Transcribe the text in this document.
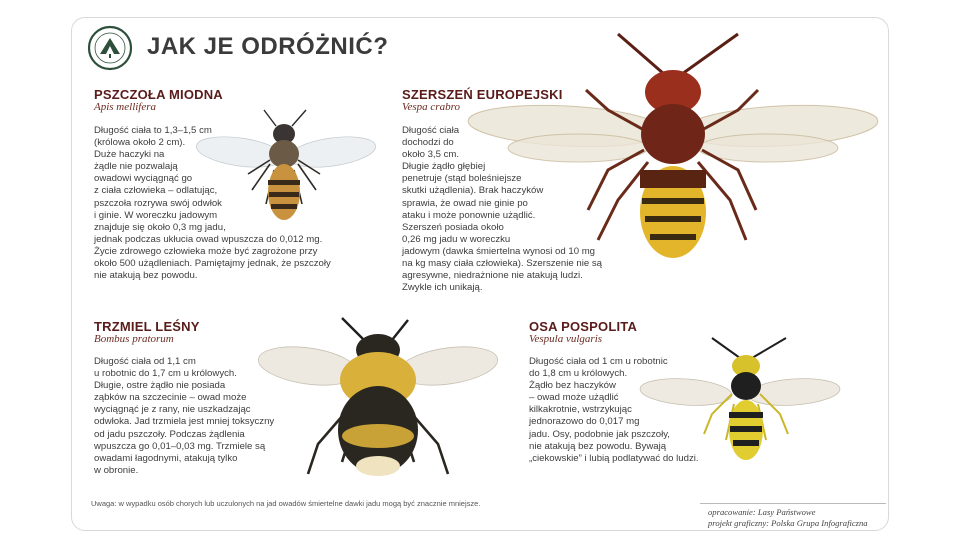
JAK JE ODRÓŻNIĆ?
PSZCZOŁA MIODNA
Apis mellifera
Długość ciała to 1,3–1,5 cm
(królowa około 2 cm).
Duże haczyki na
żądle nie pozwalają
owadowi wyciągnąć go
z ciała człowieka – odlatując,
pszczoła rozrywa swój odwłok
i ginie. W woreczku jadowym
znajduje się około 0,3 mg jadu,
jednak podczas ukłucia owad wpuszcza do 0,012 mg.
Życie zdrowego człowieka może być zagrożone przy
około 500 użądleniach. Pamiętajmy jednak, że pszczoły
nie atakują bez powodu.
SZERSZEŃ EUROPEJSKI
Vespa crabro
Długość ciała
dochodzi do
około 3,5 cm.
Długie żądło głębiej
penetruje (stąd boleśniejsze
skutki użądlenia). Brak haczyków
sprawia, że owad nie ginie po
ataku i może ponownie użądlić.
Szerszeń posiada około
0,26 mg jadu w woreczku
jadowym (dawka śmiertelna wynosi od 10 mg
na kg masy ciała człowieka). Szerszenie nie są
agresywne, niedrażnione nie atakują ludzi.
Zwykle ich unikają.
TRZMIEL LEŚNY
Bombus pratorum
Długość ciała od 1,1 cm
u robotnic do 1,7 cm u królowych.
Długie, ostre żądło nie posiada
ząbków na szczecinie – owad może
wyciągnąć je z rany, nie uszkadzając
odwłoka. Jad trzmiela jest mniej toksyczny
od jadu pszczoły. Podczas żądlenia
wpuszcza go 0,01–0,03 mg. Trzmiele są
owadami łagodnymi, atakują tylko
w obronie.
OSA POSPOLITA
Vespula vulgaris
Długość ciała od 1 cm u robotnic
do 1,8 cm u królowych.
Żądło bez haczyków
– owad może użądlić
kilkakrotnie, wstrzykując
jednorazowo do 0,017 mg
jadu. Osy, podobnie jak pszczoły,
nie atakują bez powodu. Bywają
„ciekowskie” i lubią podlatywać do ludzi.
Uwaga: w wypadku osób chorych lub uczulonych na jad owadów śmiertelne dawki jadu mogą być znacznie mniejsze.
opracowanie: Lasy Państwowe
projekt graficzny: Polska Grupa Infograficzna
